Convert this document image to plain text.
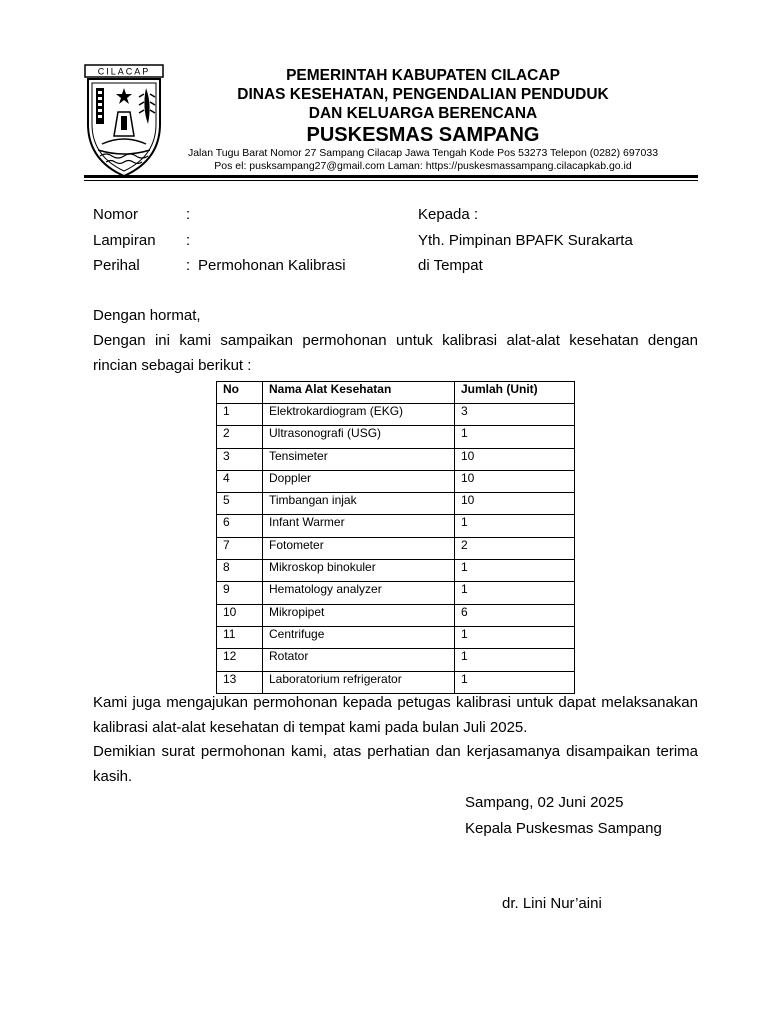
CILACAP	PEMERINTAH KABUPATEN CILACAP
DINAS KESEHATAN, PENGENDALIAN PENDUDUK
DAN KELUARGA BERENCANA
PUSKESMAS SAMPANG
Jalan Tugu Barat Nomor 27 Sampang Cilacap Jawa Tengah Kode Pos 53273 Telepon (0282) 697033
Pos el: pusksampang27@gmail.com Laman: https://puskesmassampang.cilacapkab.go.id
Nomor	:
Lampiran	:
Perihal	: Permohonan Kalibrasi
Kepada :
Yth. Pimpinan BPAFK Surakarta
di Tempat
Dengan hormat,
Dengan ini kami sampaikan permohonan untuk kalibrasi alat-alat kesehatan dengan rincian sebagai berikut :
No	Nama Alat Kesehatan	Jumlah (Unit)
1	Elektrokardiogram (EKG)	3
2	Ultrasonografi (USG)	1
3	Tensimeter	10
4	Doppler	10
5	Timbangan injak	10
6	Infant Warmer	1
7	Fotometer	2
8	Mikroskop binokuler	1
9	Hematology analyzer	1
10	Mikropipet	6
11	Centrifuge	1
12	Rotator	1
13	Laboratorium refrigerator	1
Kami juga mengajukan permohonan kepada petugas kalibrasi untuk dapat melaksanakan kalibrasi alat-alat kesehatan di tempat kami pada bulan Juli 2025.
Demikian surat permohonan kami, atas perhatian dan kerjasamanya disampaikan terima kasih.
Sampang, 02 Juni 2025
Kepala Puskesmas Sampang
dr. Lini Nur’aini
